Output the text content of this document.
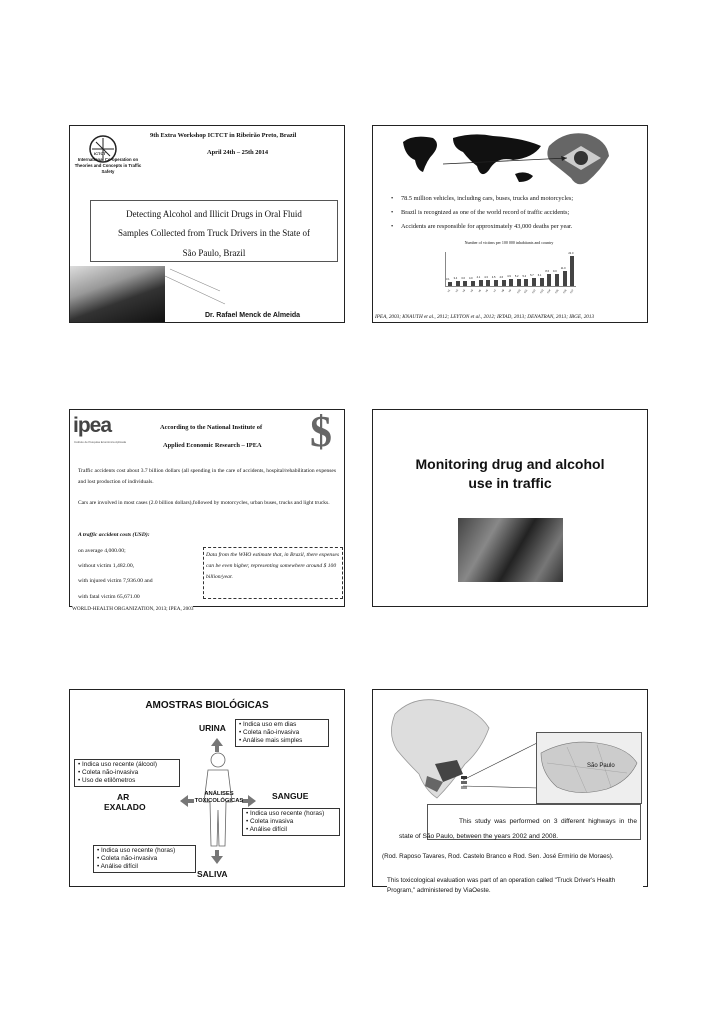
ICTCT
International Co-operation on Theories and Concepts in Traffic Safety
9th Extra Workshop ICTCT in Ribeirão Preto, Brazil
April 24th – 25th 2014
Detecting Alcohol and Illicit Drugs in Oral Fluid
Samples Collected from Truck Drivers in the State of
São Paulo, Brazil
Dr. Rafael Menck de Almeida
• 78.5 million vehicles, including cars, buses, trucks and motorcycles;
• Brazil is recognized as one of the world record of traffic accidents;
• Accidents are responsible for approximately 43,000 deaths per year.
Number of victims per 100 000 inhabitants and country
3.1
c1
3.4
c2
3.6
c3
4.0
c4
4.1
c5
4.3
c6
4.5
c7
4.6
c8
4.9
c9
5.2
c10
5.4
c11
5.7
c12
6.1
c13
8.6
c14
9.0
c15
11.0
c16
22.0
c17
IPEA, 2003; KNAUTH et al., 2012; LEYTON et al., 2012; IRTAD, 2013; DENATRAN, 2013; IBGE, 2013
ipea
Instituto de Pesquisa Econômica Aplicada
According to the National Institute of
Applied Economic Research – IPEA $
Traffic accidents cost about 3.7 billion dollars (all spending in the care of accidents, hospital/rehabilitation expenses and lost production of individuals.
Cars are involved in most cases (2.0 billion dollars),followed by motorcycles, urban buses, trucks and light trucks.
A traffic accident costs (USD):
on average 4,000.00;
without victim 1,482.00,
with injured victim 7,936.00 and
with fatal victim 65,671.00
Data from the WHO estimate that, in Brazil, there expenses can be even higher, representing somewhere around $ 100 billion/year.
WORLD-HEALTH ORGANIZATION, 2013; IPEA, 2003
Monitoring drug and alcohol
use in traffic
AMOSTRAS BIOLÓGICAS
URINA • Indica uso em dias
• Coleta não-invasiva
• Análise mais simples
• Indica uso recente (álcool)
• Coleta não-invasiva
• Uso de etilômetros
AR
EXALADO
ANÁLISES
TOXICOLÓGICAS	SANGUE
• Indica uso recente (horas)
• Coleta invasiva
• Análise difícil
• Indica uso recente (horas)
• Coleta não-invasiva
• Análise difícil
SALIVA
São Paulo
This study was performed on 3 different highways in the state of São Paulo, between the years 2002 and 2008.
(Rod. Raposo Tavares, Rod. Castelo Branco e Rod. Sen. José Ermírio de Moraes).
This toxicological evaluation was part of an operation called "Truck Driver's Health Program," administered by ViaOeste.
